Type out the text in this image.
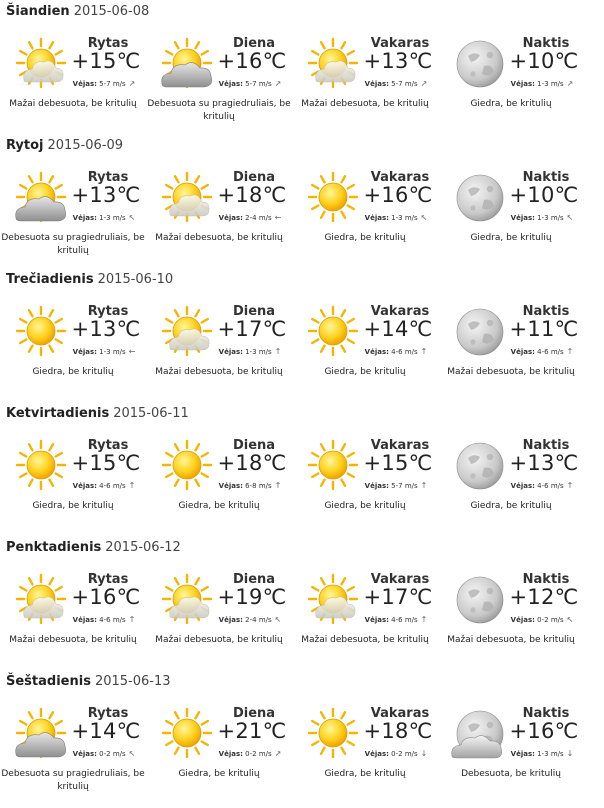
Šiandien 2015-06-08
Rytas
+15℃
Vėjas: 5-7 m/s ↗
Mažai debesuota, be kritulių
Diena
+16℃
Vėjas: 5-7 m/s ↗
Debesuota su pragiedruliais, be kritulių
Vakaras
+13℃
Vėjas: 5-7 m/s ↗
Mažai debesuota, be kritulių
Naktis
+10℃
Vėjas: 1-3 m/s ↗
Giedra, be kritulių
Rytoj 2015-06-09
Rytas
+13℃
Vėjas: 1-3 m/s ↖
Debesuota su pragiedruliais, be kritulių
Diena
+18℃
Vėjas: 2-4 m/s ←
Mažai debesuota, be kritulių
Vakaras
+16℃
Vėjas: 1-3 m/s ↖
Giedra, be kritulių
Naktis
+10℃
Vėjas: 1-3 m/s ↖
Giedra, be kritulių
Trečiadienis 2015-06-10
Rytas
+13℃
Vėjas: 1-3 m/s ←
Giedra, be kritulių
Diena
+17℃
Vėjas: 1-3 m/s ↑
Mažai debesuota, be kritulių
Vakaras
+14℃
Vėjas: 4-6 m/s ↑
Giedra, be kritulių
Naktis
+11℃
Vėjas: 4-6 m/s ↑
Mažai debesuota, be kritulių
Ketvirtadienis 2015-06-11
Rytas
+15℃
Vėjas: 4-6 m/s ↑
Giedra, be kritulių
Diena
+18℃
Vėjas: 6-8 m/s ↑
Giedra, be kritulių
Vakaras
+15℃
Vėjas: 5-7 m/s ↑
Giedra, be kritulių
Naktis
+13℃
Vėjas: 4-6 m/s ↑
Giedra, be kritulių
Penktadienis 2015-06-12
Rytas
+16℃
Vėjas: 4-6 m/s ↑
Mažai debesuota, be kritulių
Diena
+19℃
Vėjas: 2-4 m/s ↖
Mažai debesuota, be kritulių
Vakaras
+17℃
Vėjas: 4-6 m/s ↑
Mažai debesuota, be kritulių
Naktis
+12℃
Vėjas: 0-2 m/s ↖
Mažai debesuota, be kritulių
Šeštadienis 2015-06-13
Rytas
+14℃
Vėjas: 0-2 m/s ↖
Debesuota su pragiedruliais, be kritulių
Diena
+21℃
Vėjas: 0-2 m/s ↗
Giedra, be kritulių
Vakaras
+18℃
Vėjas: 0-2 m/s ↓
Giedra, be kritulių
Naktis
+16℃
Vėjas: 1-3 m/s ↓
Debesuota, be kritulių
